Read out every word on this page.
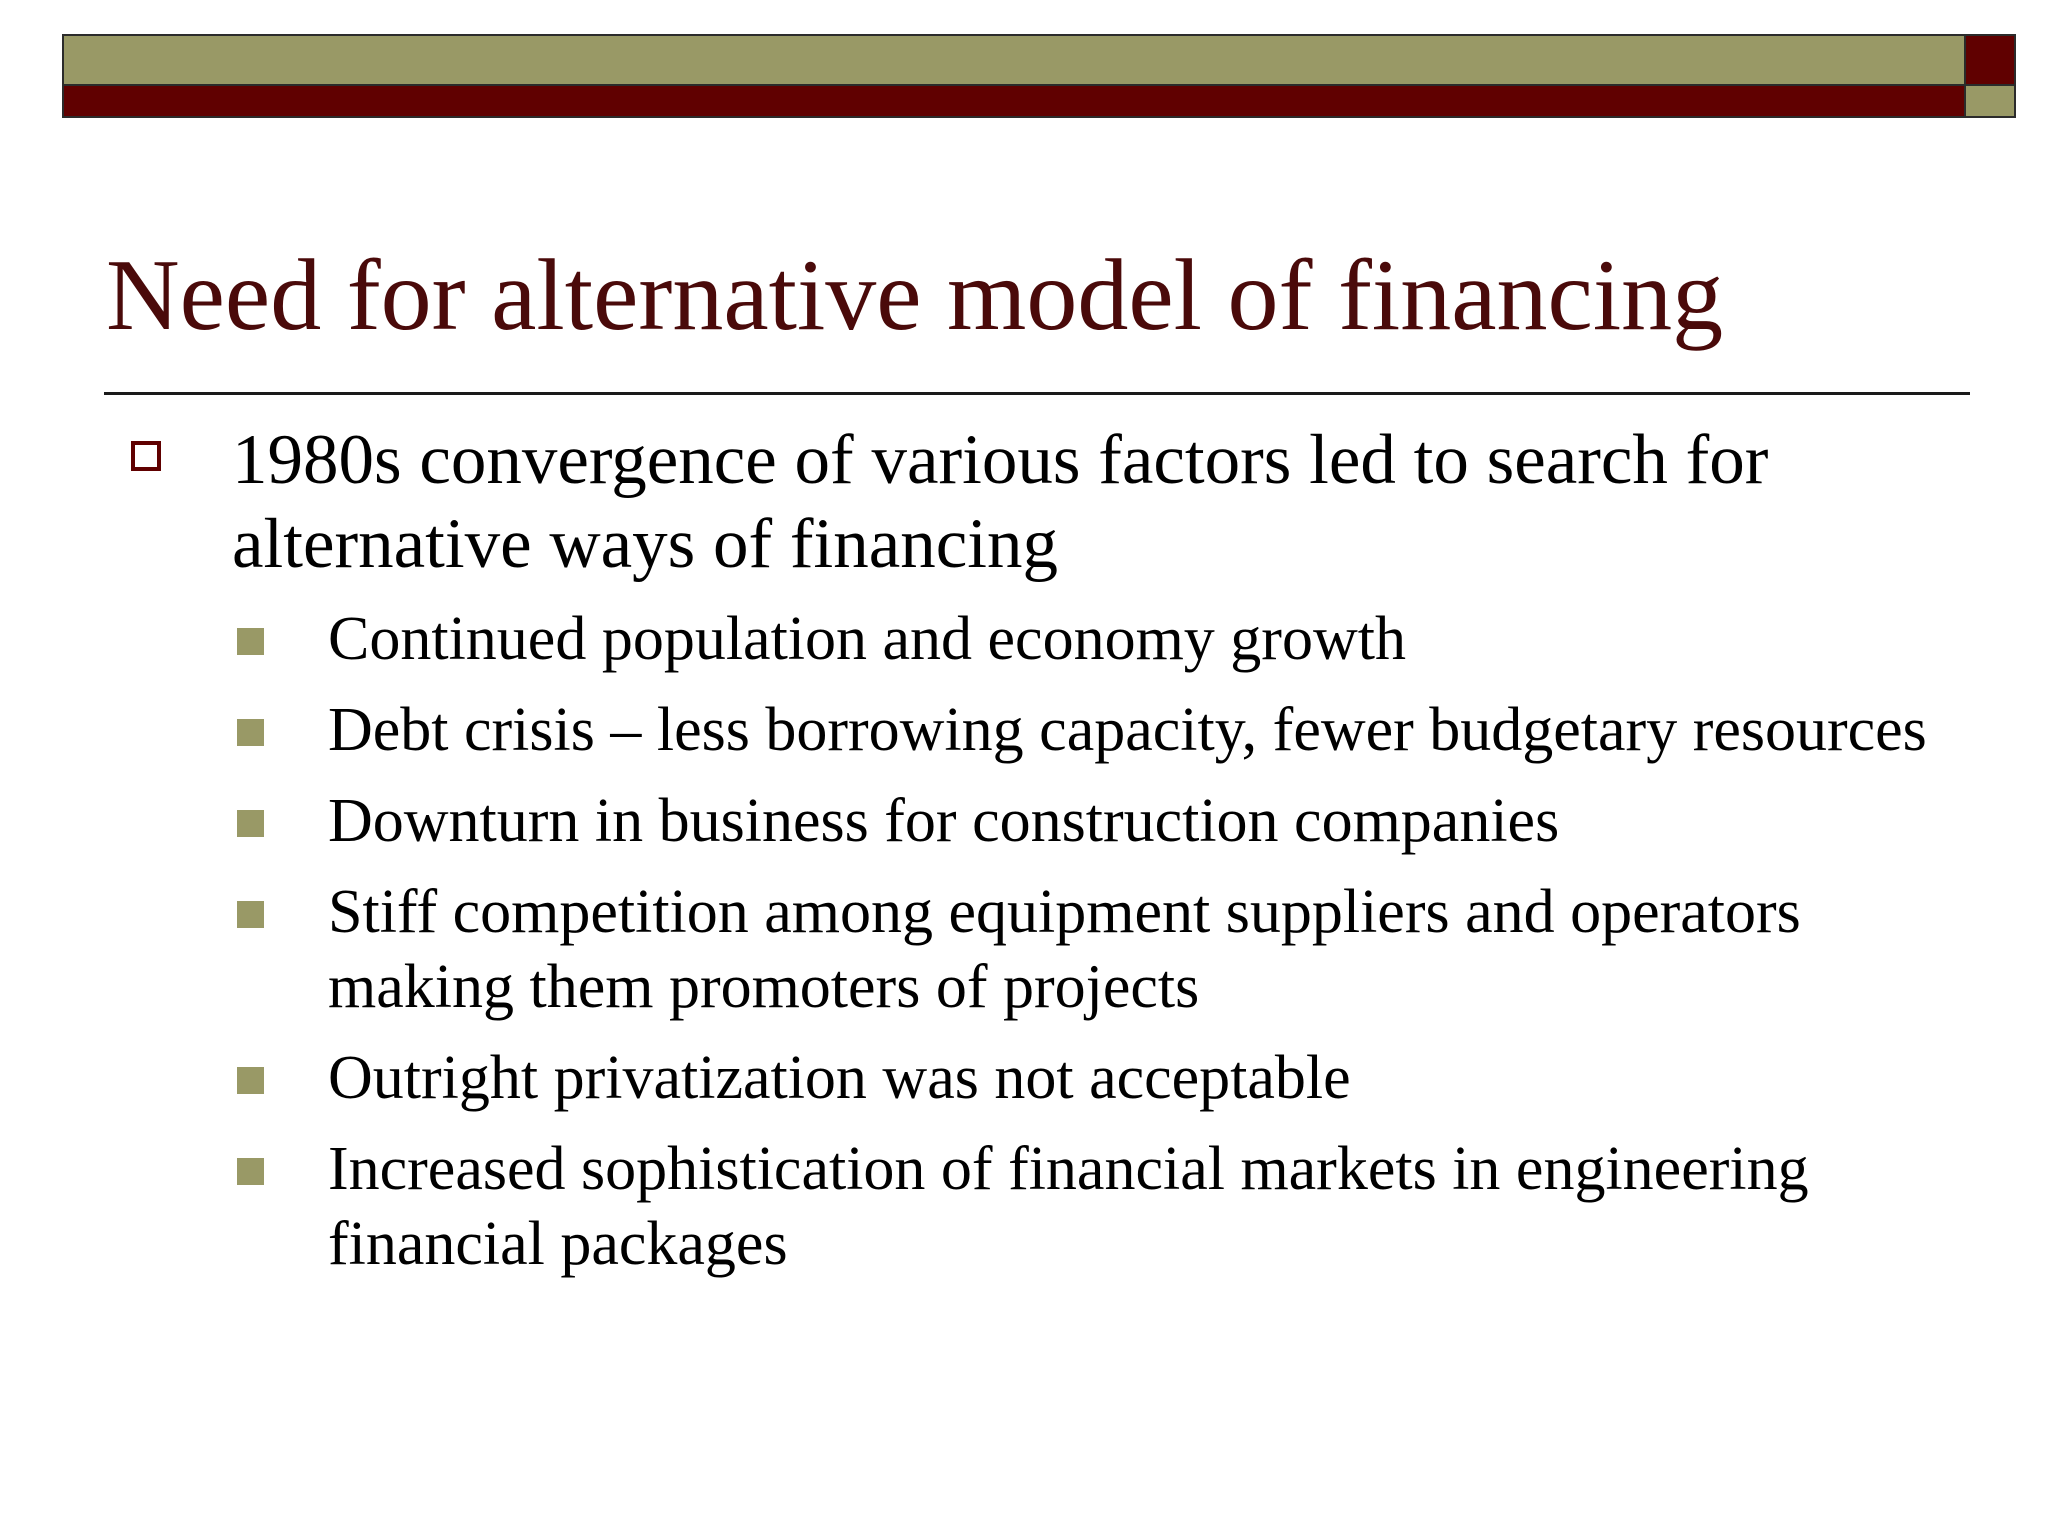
Need for alternative model of financing
1980s convergence of various factors led to search for alternative ways of financing
Continued population and economy growth
Debt crisis – less borrowing capacity, fewer budgetary resources
Downturn in business for construction companies
Stiff competition among equipment suppliers and operators making them promoters of projects
Outright privatization was not acceptable
Increased sophistication of financial markets in engineering financial packages
